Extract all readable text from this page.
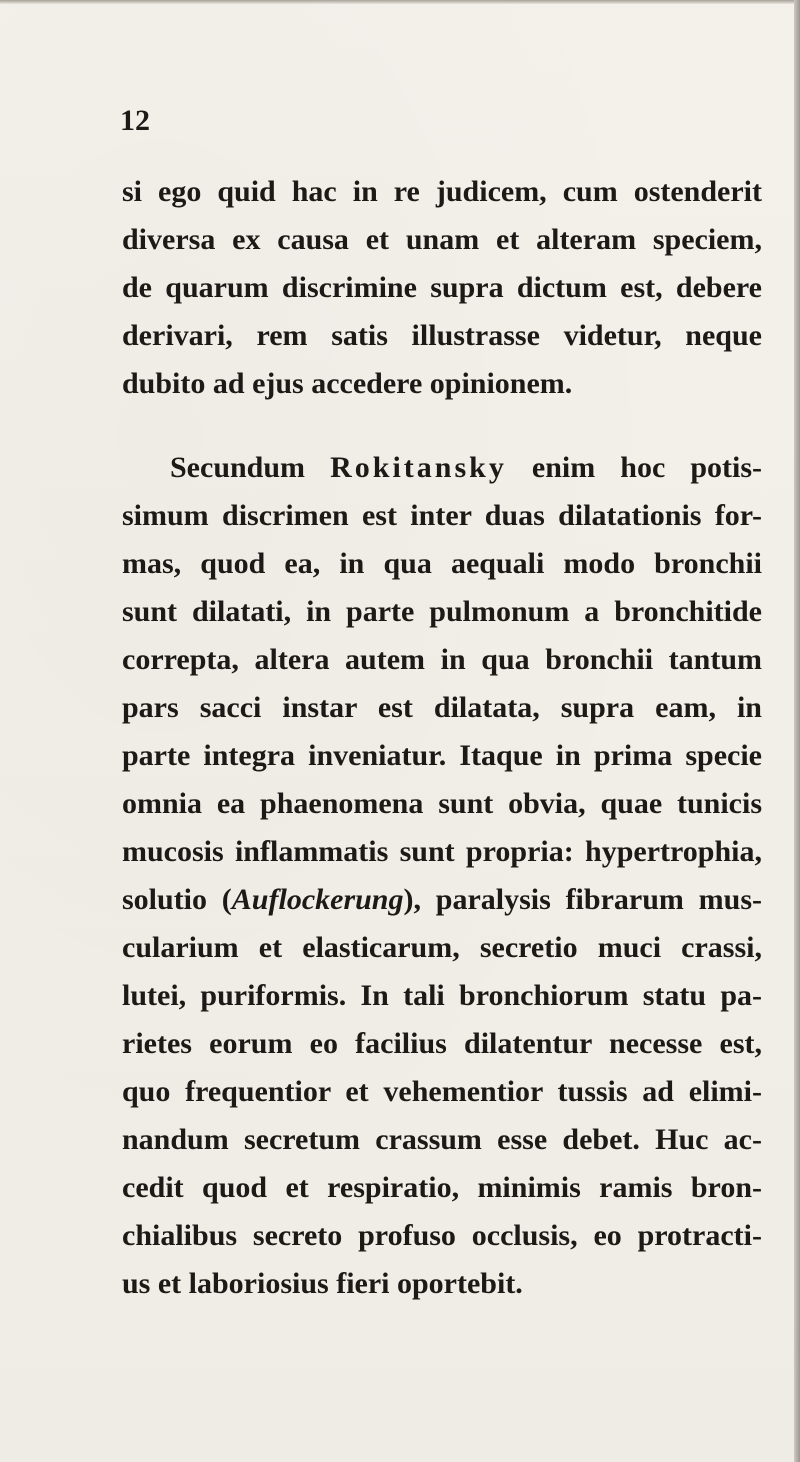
12
si ego quid hac in re judicem, cum ostenderit
diversa ex causa et unam et alteram speciem,
de quarum discrimine supra dictum est, debere
derivari, rem satis illustrasse videtur, neque
dubito ad ejus accedere opinionem.
Secundum Rokitansky enim hoc potis-
simum discrimen est inter duas dilatationis for-
mas, quod ea, in qua aequali modo bronchii
sunt dilatati, in parte pulmonum a bronchitide
correpta, altera autem in qua bronchii tantum
pars sacci instar est dilatata, supra eam, in
parte integra inveniatur. Itaque in prima specie
omnia ea phaenomena sunt obvia, quae tunicis
mucosis inflammatis sunt propria: hypertrophia,
solutio (Auflockerung), paralysis fibrarum mus-
cularium et elasticarum, secretio muci crassi,
lutei, puriformis. In tali bronchiorum statu pa-
rietes eorum eo facilius dilatentur necesse est,
quo frequentior et vehementior tussis ad elimi-
nandum secretum crassum esse debet. Huc ac-
cedit quod et respiratio, minimis ramis bron-
chialibus secreto profuso occlusis, eo protracti-
us et laboriosius fieri oportebit.
